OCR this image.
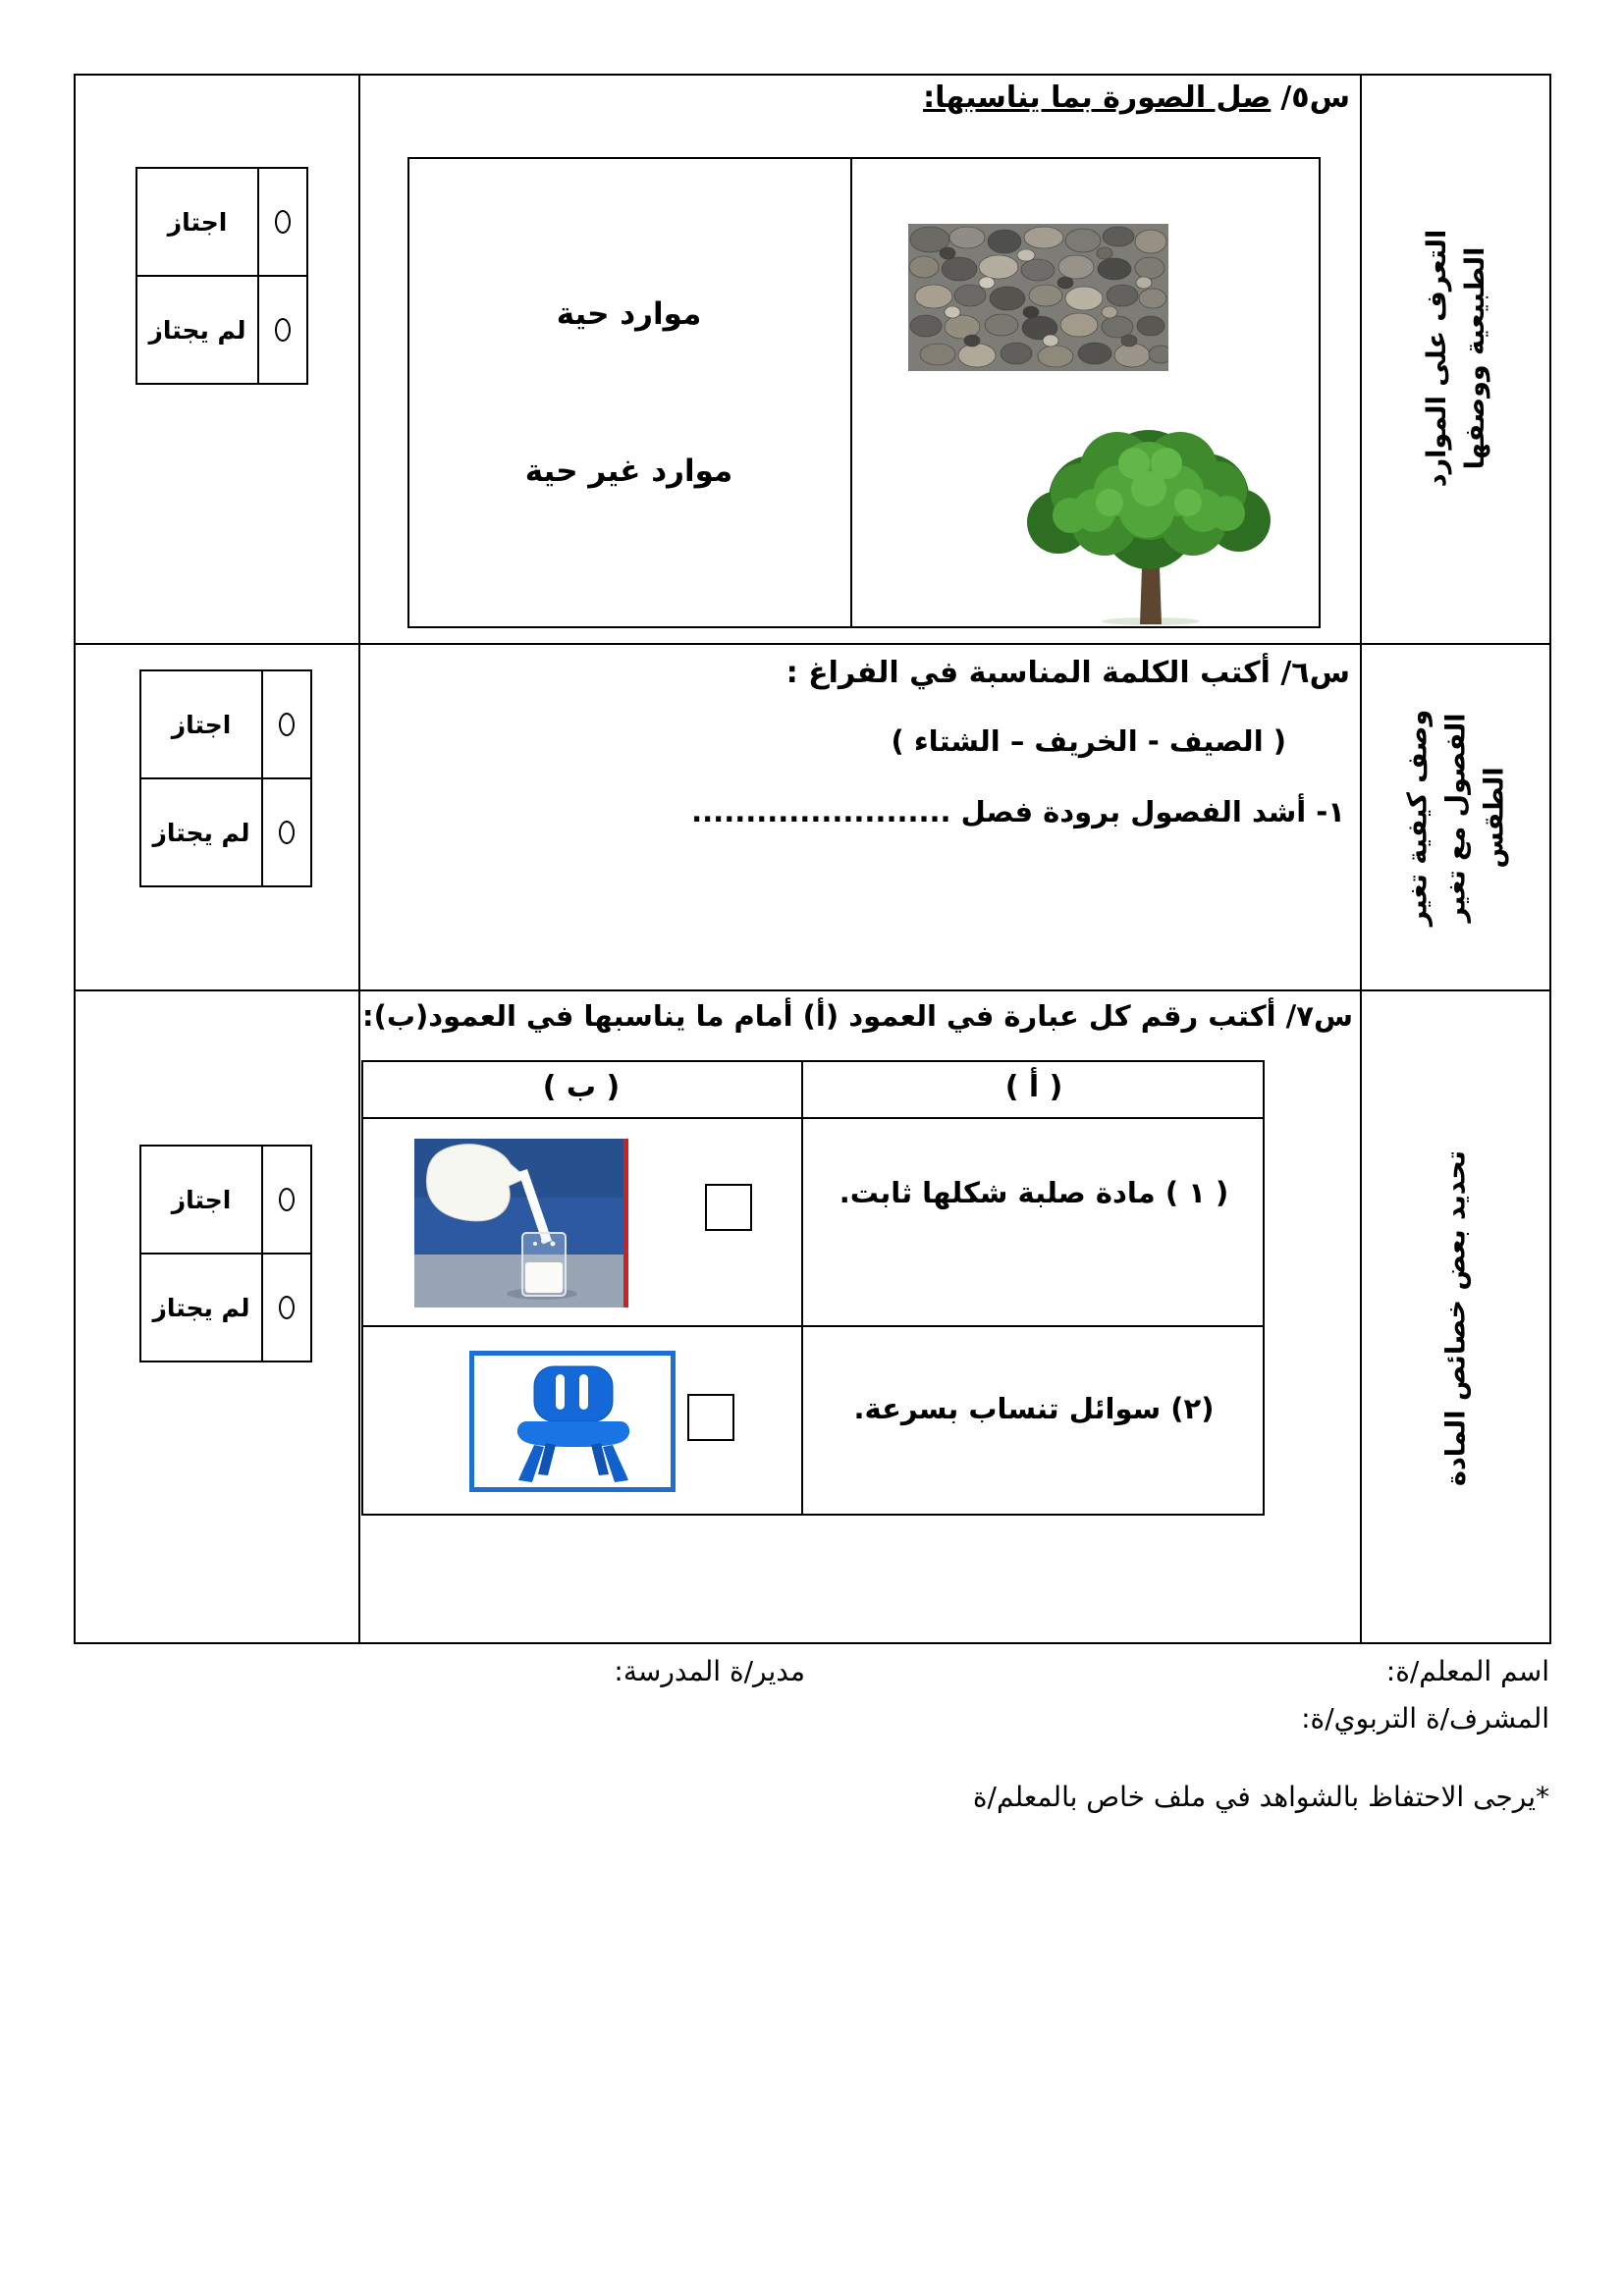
التعرف على الموارد الطبيعية ووصفها
وصف كيفية تغير الفصول مع تغير الطقس
تحديد بعض خصائص المادة
اجتاز
لم يجتاز
اجتاز
لم يجتاز
اجتاز
لم يجتاز
س٥/صل الصورة بما يناسبها:
موارد حية
موارد غير حية
س٦/ أكتب الكلمة المناسبة في الفراغ :
( الصيف - الخريف – الشتاء )
١- أشد الفصول برودة فصل ........................
س٧/ أكتب رقم كل عبارة في العمود (أ) أمام ما يناسبها في العمود(ب):
( ب )	( أ )
( ١ ) مادة صلبة شكلها ثابت.
(٢) سوائل تنساب بسرعة.
اسم المعلم/ة:
مدير/ة المدرسة:
المشرف/ة التربوي/ة:
*يرجى الاحتفاظ بالشواهد في ملف خاص بالمعلم/ة
